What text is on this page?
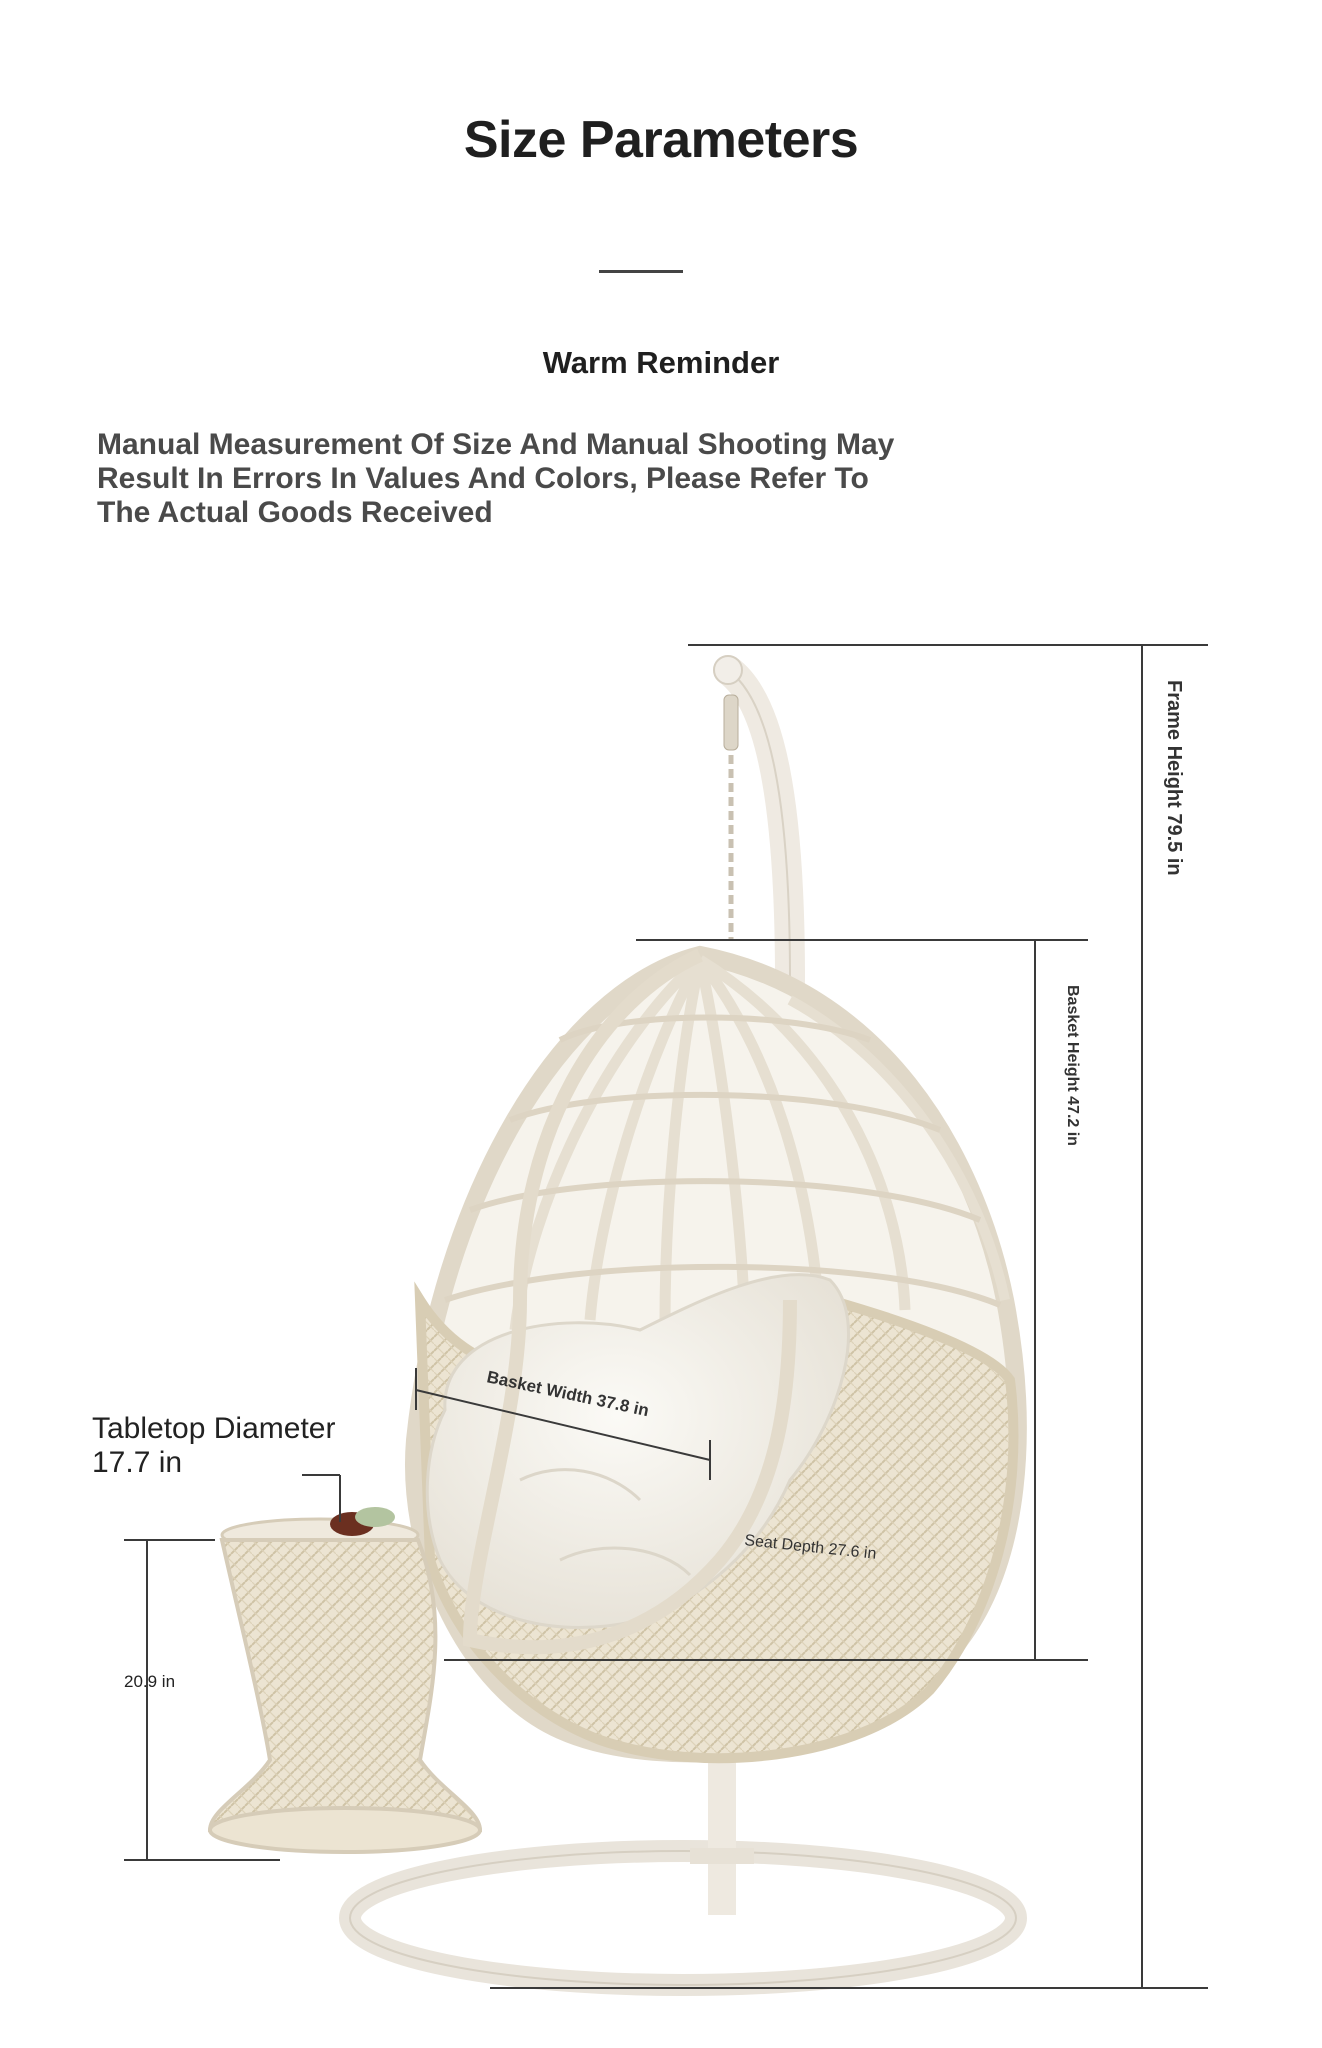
Size Parameters
Warm Reminder
Manual Measurement Of Size And Manual Shooting May
Result In Errors In Values And Colors, Please Refer To
The Actual Goods Received
Frame Height 79.5 in
Basket Height 47.2 in
Basket Width 37.8 in
Seat Depth 27.6 in
Tabletop Diameter
17.7 in
20.9 in
